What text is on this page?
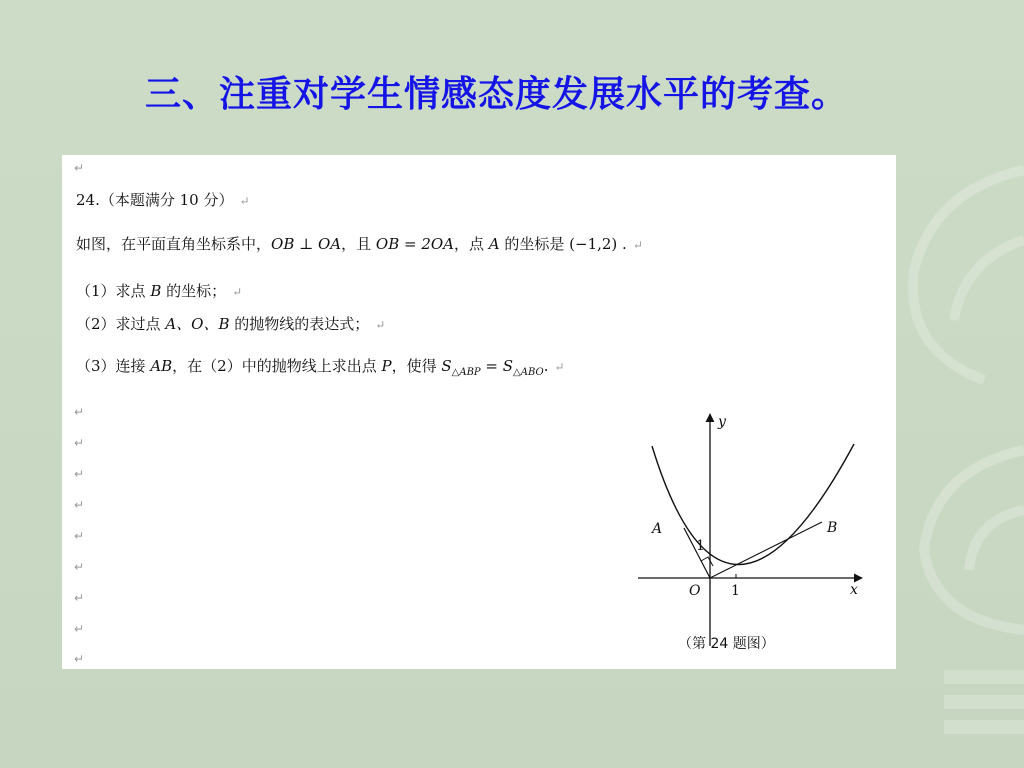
三、注重对学生情感态度发展水平的考查。
↵
24.（本题满分 10 分） ↵
如图，在平面直角坐标系中，OB ⊥ OA，且 OB = 2OA，点 A 的坐标是 (−1,2) . ↵
（1）求点 B 的坐标； ↵
（2）求过点 A、O、B 的抛物线的表达式； ↵
（3）连接 AB，在（2）中的抛物线上求出点 P，使得 $S_{\triangle ABP} = S_{\triangle ABO}$. ↵
↵
↵
↵
↵
↵
↵
↵
↵
↵
y
x
O
A	B
1
1
（第 24 题图）
